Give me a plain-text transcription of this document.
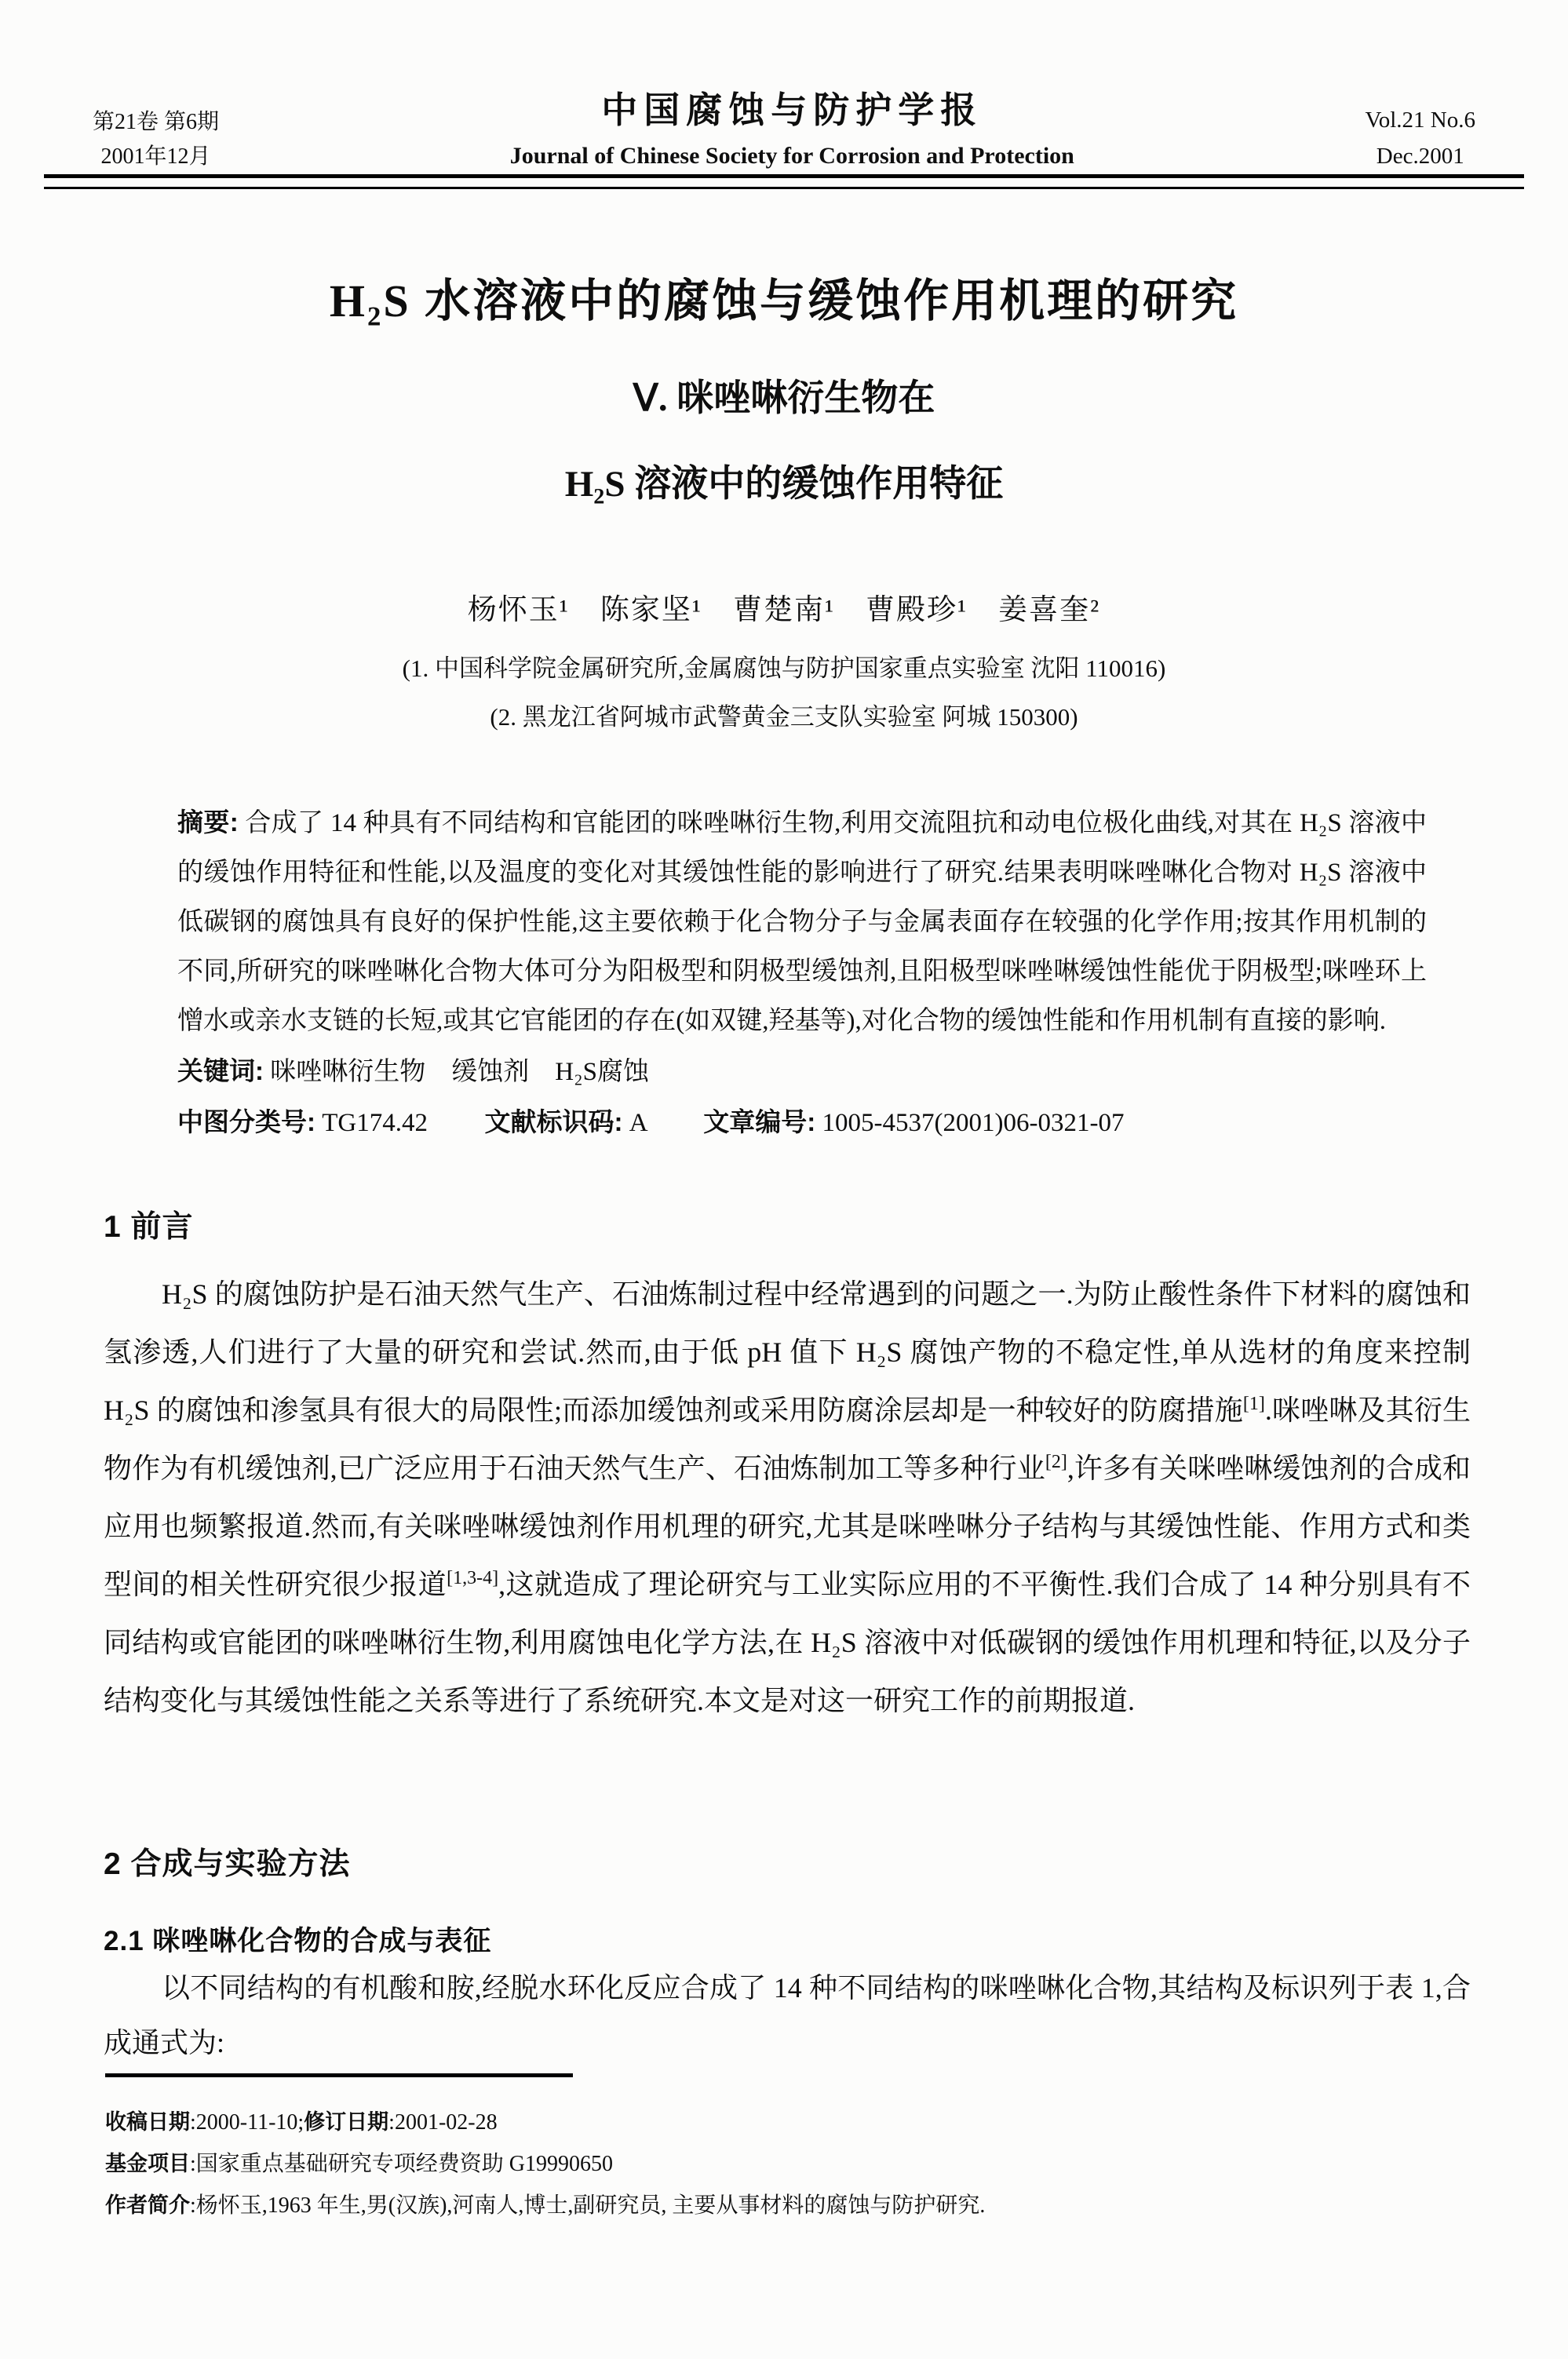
第21卷 第6期
2001年12月
中国腐蚀与防护学报
Journal of Chinese Society for Corrosion and Protection
Vol.21 No.6
Dec.2001
H₂S 水溶液中的腐蚀与缓蚀作用机理的研究
Ⅴ. 咪唑啉衍生物在
H₂S 溶液中的缓蚀作用特征
杨怀玉¹　陈家坚¹　曹楚南¹　曹殿珍¹　姜喜奎²
(1. 中国科学院金属研究所,金属腐蚀与防护国家重点实验室 沈阳 110016)
(2. 黑龙江省阿城市武警黄金三支队实验室 阿城 150300)
摘要: 合成了 14 种具有不同结构和官能团的咪唑啉衍生物,利用交流阻抗和动电位极化曲线,对其在 H₂S 溶液中的缓蚀作用特征和性能,以及温度的变化对其缓蚀性能的影响进行了研究.结果表明咪唑啉化合物对 H₂S 溶液中低碳钢的腐蚀具有良好的保护性能,这主要依赖于化合物分子与金属表面存在较强的化学作用;按其作用机制的不同,所研究的咪唑啉化合物大体可分为阳极型和阴极型缓蚀剂,且阳极型咪唑啉缓蚀性能优于阴极型;咪唑环上憎水或亲水支链的长短,或其它官能团的存在(如双键,羟基等),对化合物的缓蚀性能和作用机制有直接的影响.
关键词: 咪唑啉衍生物　缓蚀剂　H₂S腐蚀
中图分类号: TG174.42 文献标识码: A 文章编号: 1005-4537(2001)06-0321-07
1 前言
H₂S 的腐蚀防护是石油天然气生产、石油炼制过程中经常遇到的问题之一.为防止酸性条件下材料的腐蚀和氢渗透,人们进行了大量的研究和尝试.然而,由于低 pH 值下 H₂S 腐蚀产物的不稳定性,单从选材的角度来控制 H₂S 的腐蚀和渗氢具有很大的局限性;而添加缓蚀剂或采用防腐涂层却是一种较好的防腐措施[1].咪唑啉及其衍生物作为有机缓蚀剂,已广泛应用于石油天然气生产、石油炼制加工等多种行业[2],许多有关咪唑啉缓蚀剂的合成和应用也频繁报道.然而,有关咪唑啉缓蚀剂作用机理的研究,尤其是咪唑啉分子结构与其缓蚀性能、作用方式和类型间的相关性研究很少报道[1,3-4],这就造成了理论研究与工业实际应用的不平衡性.我们合成了 14 种分别具有不同结构或官能团的咪唑啉衍生物,利用腐蚀电化学方法,在 H₂S 溶液中对低碳钢的缓蚀作用机理和特征,以及分子结构变化与其缓蚀性能之关系等进行了系统研究.本文是对这一研究工作的前期报道.
2 合成与实验方法
2.1 咪唑啉化合物的合成与表征
以不同结构的有机酸和胺,经脱水环化反应合成了 14 种不同结构的咪唑啉化合物,其结构及标识列于表 1,合成通式为:
收稿日期:2000-11-10;修订日期:2001-02-28
基金项目:国家重点基础研究专项经费资助 G19990650
作者简介:杨怀玉,1963 年生,男(汉族),河南人,博士,副研究员, 主要从事材料的腐蚀与防护研究.
